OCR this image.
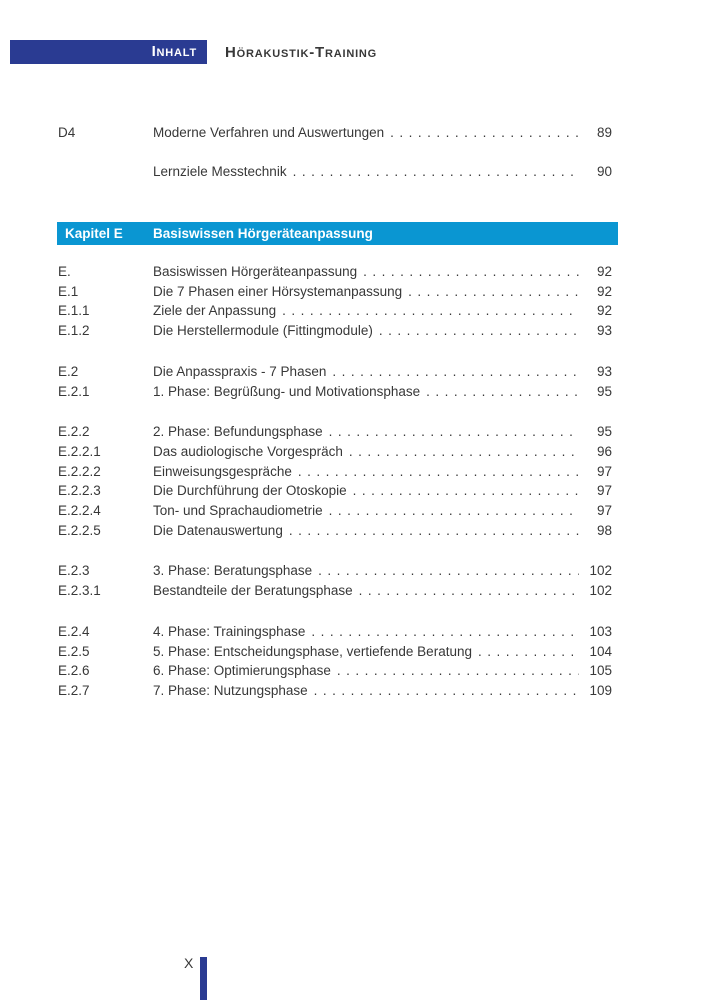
Inhalt Hörakustik-Training
D4	Moderne Verfahren und Auswertungen .....	89
Lernziele Messtechnik .....	90
Kapitel E	Basiswissen Hörgeräteanpassung
E.	Basiswissen Hörgeräteanpassung .....	92
E.1	Die 7 Phasen einer Hörsystemanpassung .....	92
E.1.1	Ziele der Anpassung .....	92
E.1.2	Die Herstellermodule (Fittingmodule) .....	93
E.2	Die Anpasspraxis - 7 Phasen .....	93
E.2.1	1. Phase: Begrüßung- und Motivationsphase .....	95
E.2.2	2. Phase: Befundungsphase .....	95
E.2.2.1	Das audiologische Vorgespräch .....	96
E.2.2.2	Einweisungsgespräche .....	97
E.2.2.3	Die Durchführung der Otoskopie .....	97
E.2.2.4	Ton- und Sprachaudiometrie .....	97
E.2.2.5	Die Datenauswertung .....	98
E.2.3	3. Phase: Beratungsphase .....	102
E.2.3.1	Bestandteile der Beratungsphase .....	102
E.2.4	4. Phase: Trainingsphase .....	103
E.2.5	5. Phase: Entscheidungsphase, vertiefende Beratung .....	104
E.2.6	6. Phase: Optimierungsphase .....	105
E.2.7	7. Phase: Nutzungsphase .....	109
X
